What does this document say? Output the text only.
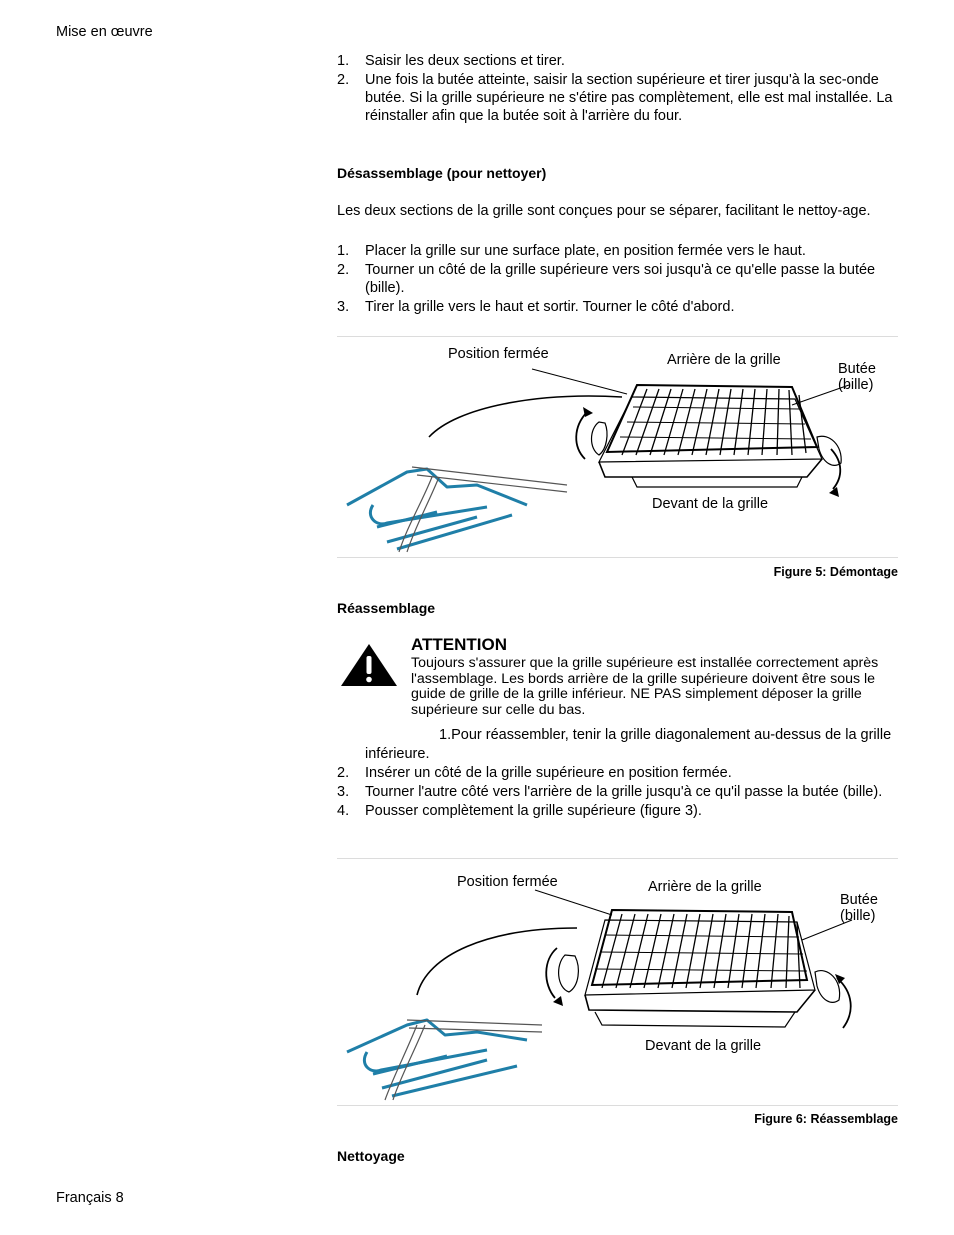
Mise en œuvre
1. Saisir les deux sections et tirer.
2. Une fois la butée atteinte, saisir la section supérieure et tirer jusqu'à la sec-onde butée. Si la grille supérieure ne s'étire pas complètement, elle est mal installée. La réinstaller afin que la butée soit à l'arrière du four.
Désassemblage (pour nettoyer)
Les deux sections de la grille sont conçues pour se séparer, facilitant le nettoy-age.
1. Placer la grille sur une surface plate, en position fermée vers le haut.
2. Tourner un côté de la grille supérieure vers soi jusqu'à ce qu'elle passe la butée (bille).
3. Tirer la grille vers le haut et sortir. Tourner le côté d'abord.
Position fermée	Arrière de la grille
Butée
(bille)
Devant de la grille
Figure 5: Démontage
Réassemblage
ATTENTION
Toujours s'assurer que la grille supérieure est installée correctement après l'assemblage. Les bords arrière de la grille supérieure doivent être sous le guide de grille de la grille inférieur. NE PAS simplement déposer la grille supérieure sur celle du bas.
1.Pour réassembler, tenir la grille diagonalement au-dessus de la grille
inférieure.
2. Insérer un côté de la grille supérieure en position fermée.
3. Tourner l'autre côté vers l'arrière de la grille jusqu'à ce qu'il passe la butée (bille).
4. Pousser complètement la grille supérieure (figure 3).
Position fermée	Arrière de la grille
Butée
(bille)
Devant de la grille
Figure 6: Réassemblage
Nettoyage
Français 8
